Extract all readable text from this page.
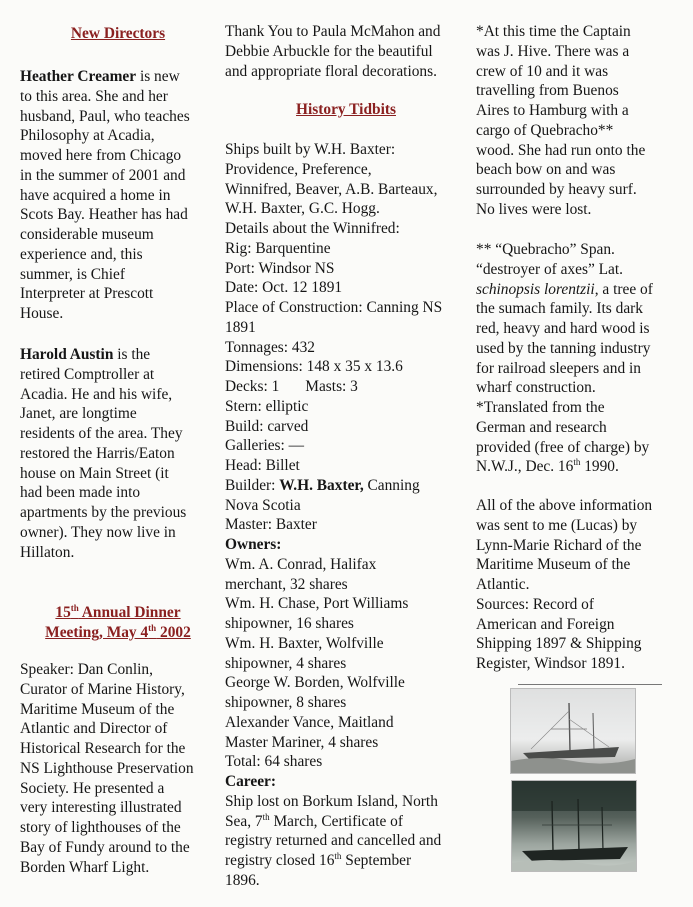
New Directors

Heather Creamer is new

to this area. She and her

husband, Paul, who teaches

Philosophy at Acadia,

moved here from Chicago

in the summer of 2001 and

have acquired a home in

Scots Bay. Heather has had

considerable museum

experience and, this

summer, is Chief

Interpreter at Prescott

House.

Harold Austin is the

retired Comptroller at

Acadia. He and his wife,

Janet, are longtime

residents of the area. They

restored the Harris/Eaton

house on Main Street (it

had been made into

apartments by the previous

owner). They now live in

Hillaton.

15th Annual Dinner

Meeting, May 4th 2002

Speaker: Dan Conlin,

Curator of Marine History,

Maritime Museum of the

Atlantic and Director of

Historical Research for the

NS Lighthouse Preservation

Society. He presented a

very interesting illustrated

story of lighthouses of the

Bay of Fundy around to the

Borden Wharf Light.

Thank You to Paula McMahon and

Debbie Arbuckle for the beautiful

and appropriate floral decorations.

History Tidbits

Ships built by W.H. Baxter:

Providence, Preference,

Winnifred, Beaver, A.B. Barteaux,

W.H. Baxter, G.C. Hogg.

Details about the Winnifred:

Rig: Barquentine

Port: Windsor NS

Date: Oct. 12 1891

Place of Construction: Canning NS

1891

Tonnages: 432

Dimensions: 148 x 35 x 13.6

Decks: 1 Masts: 3

Stern: elliptic

Build: carved

Galleries: —

Head: Billet

Builder: W.H. Baxter, Canning

Nova Scotia

Master: Baxter

Owners:

Wm. A. Conrad, Halifax

merchant, 32 shares

Wm. H. Chase, Port Williams

shipowner, 16 shares

Wm. H. Baxter, Wolfville

shipowner, 4 shares

George W. Borden, Wolfville

shipowner, 8 shares

Alexander Vance, Maitland

Master Mariner, 4 shares

Total: 64 shares

Career:

Ship lost on Borkum Island, North

Sea, 7th March, Certificate of

registry returned and cancelled and

registry closed 16th September

1896.

*At this time the Captain

was J. Hive. There was a

crew of 10 and it was

travelling from Buenos

Aires to Hamburg with a

cargo of Quebracho**

wood. She had run onto the

beach bow on and was

surrounded by heavy surf.

No lives were lost.

** “Quebracho” Span.

“destroyer of axes” Lat.

schinopsis lorentzii, a tree of

the sumach family. Its dark

red, heavy and hard wood is

used by the tanning industry

for railroad sleepers and in

wharf construction.

*Translated from the

German and research

provided (free of charge) by

N.W.J., Dec. 16th 1990.

All of the above information

was sent to me (Lucas) by

Lynn-Marie Richard of the

Maritime Museum of the

Atlantic.

Sources: Record of

American and Foreign

Shipping 1897 & Shipping

Register, Windsor 1891.
